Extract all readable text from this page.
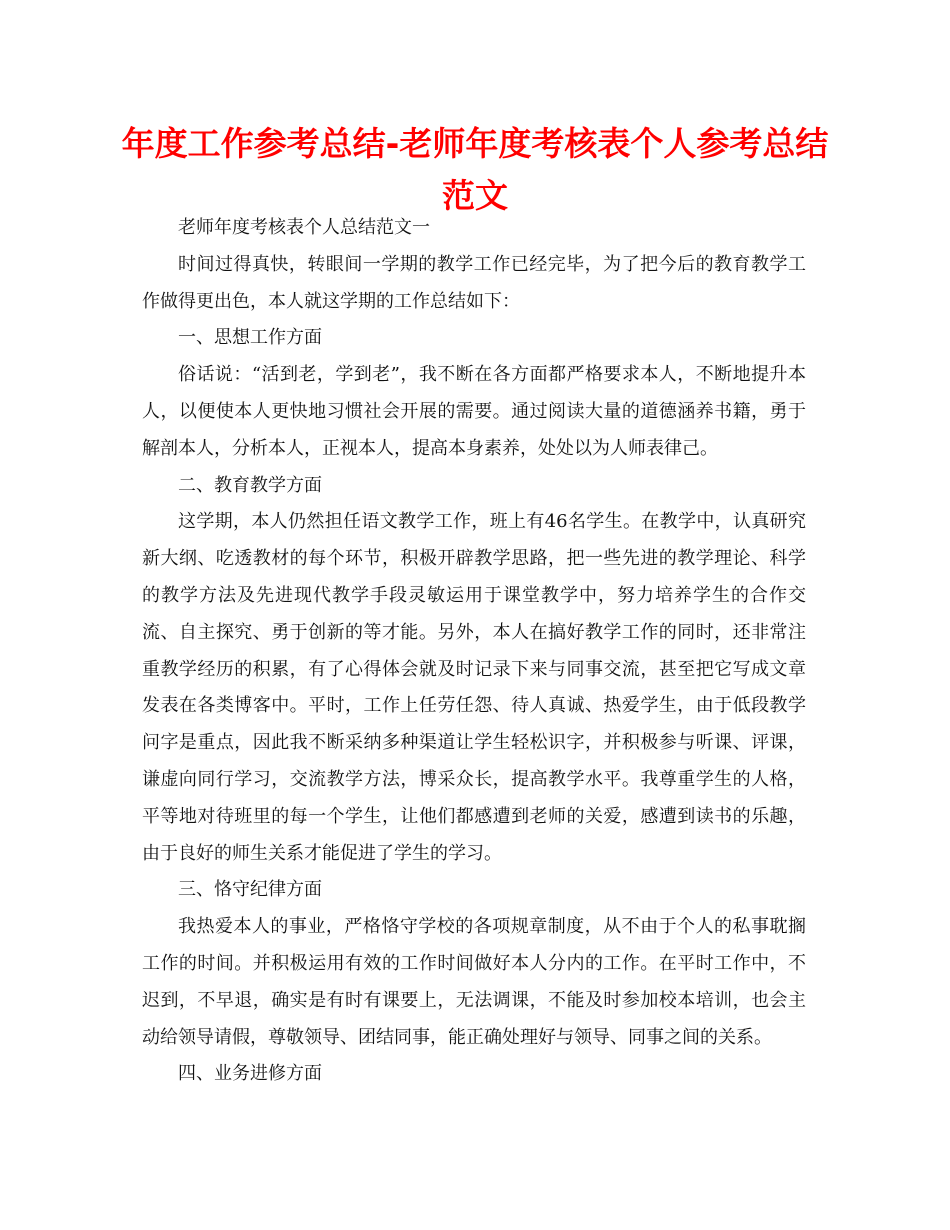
年度工作参考总结-老师年度考核表个人参考总结范文

老师年度考核表个人总结范文一

时间过得真快，转眼间一学期的教学工作已经完毕，为了把今后的教育教学工作做得更出色，本人就这学期的工作总结如下：

一、思想工作方面

俗话说：“活到老，学到老”，我不断在各方面都严格要求本人，不断地提升本人，以便使本人更快地习惯社会开展的需要。通过阅读大量的道德涵养书籍，勇于解剖本人，分析本人，正视本人，提高本身素养，处处以为人师表律己。

二、教育教学方面

这学期，本人仍然担任语文教学工作，班上有46名学生。在教学中，认真研究新大纲、吃透教材的每个环节，积极开辟教学思路，把一些先进的教学理论、科学的教学方法及先进现代教学手段灵敏运用于课堂教学中，努力培养学生的合作交流、自主探究、勇于创新的等才能。另外，本人在搞好教学工作的同时，还非常注重教学经历的积累，有了心得体会就及时记录下来与同事交流，甚至把它写成文章发表在各类博客中。平时，工作上任劳任怨、待人真诚、热爱学生，由于低段教学问字是重点，因此我不断采纳多种渠道让学生轻松识字，并积极参与听课、评课，谦虚向同行学习，交流教学方法，博采众长，提高教学水平。我尊重学生的人格，平等地对待班里的每一个学生，让他们都感遭到老师的关爱，感遭到读书的乐趣，由于良好的师生关系才能促进了学生的学习。

三、恪守纪律方面

我热爱本人的事业，严格恪守学校的各项规章制度，从不由于个人的私事耽搁工作的时间。并积极运用有效的工作时间做好本人分内的工作。在平时工作中，不迟到，不早退，确实是有时有课要上，无法调课，不能及时参加校本培训，也会主动给领导请假，尊敬领导、团结同事，能正确处理好与领导、同事之间的关系。

四、业务进修方面
